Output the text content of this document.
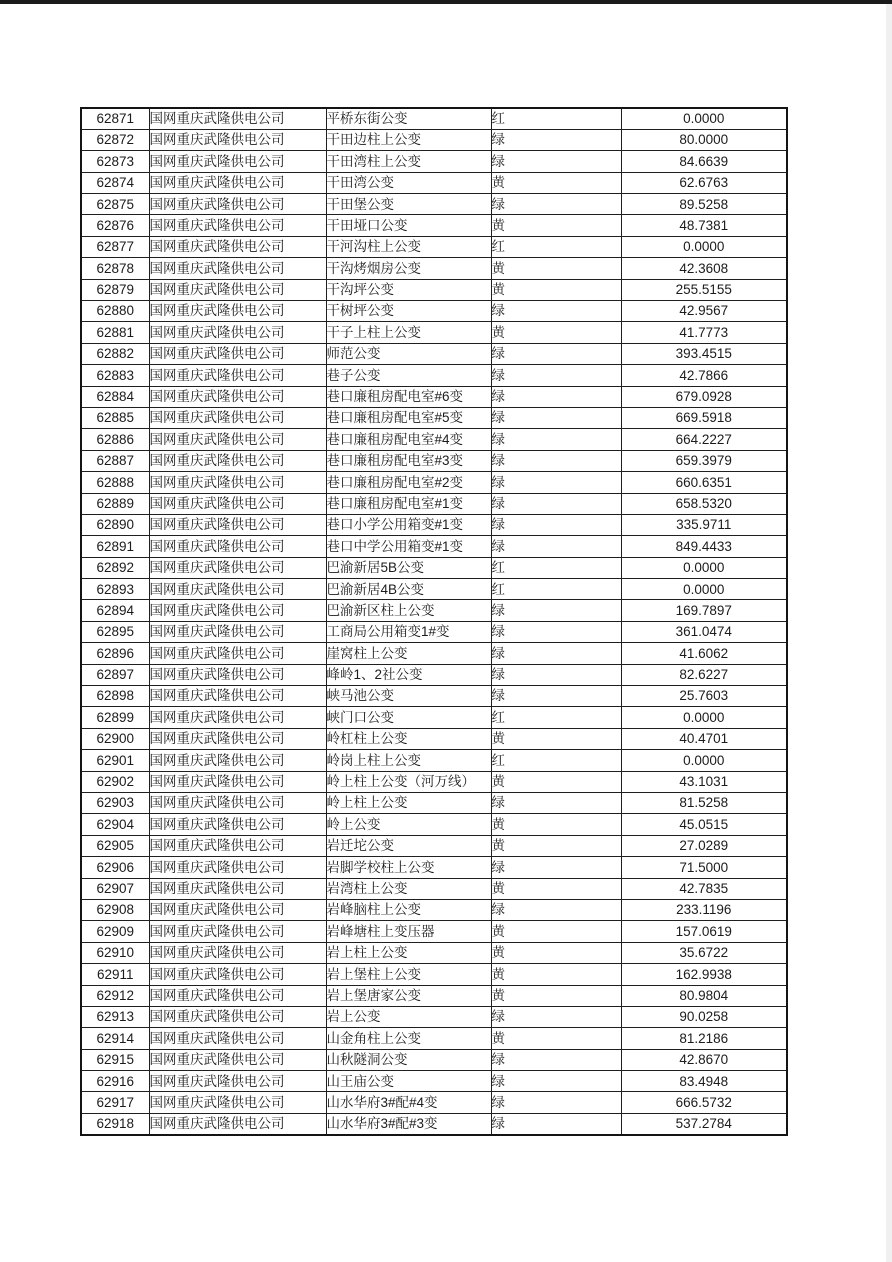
62871	国网重庆武隆供电公司	平桥东街公变	红	0.0000
62872	国网重庆武隆供电公司	干田边柱上公变	绿	80.0000
62873	国网重庆武隆供电公司	干田湾柱上公变	绿	84.6639
62874	国网重庆武隆供电公司	干田湾公变	黄	62.6763
62875	国网重庆武隆供电公司	干田堡公变	绿	89.5258
62876	国网重庆武隆供电公司	干田垭口公变	黄	48.7381
62877	国网重庆武隆供电公司	干河沟柱上公变	红	0.0000
62878	国网重庆武隆供电公司	干沟烤烟房公变	黄	42.3608
62879	国网重庆武隆供电公司	干沟坪公变	黄	255.5155
62880	国网重庆武隆供电公司	干树坪公变	绿	42.9567
62881	国网重庆武隆供电公司	干子上柱上公变	黄	41.7773
62882	国网重庆武隆供电公司	师范公变	绿	393.4515
62883	国网重庆武隆供电公司	巷子公变	绿	42.7866
62884	国网重庆武隆供电公司	巷口廉租房配电室#6变	绿	679.0928
62885	国网重庆武隆供电公司	巷口廉租房配电室#5变	绿	669.5918
62886	国网重庆武隆供电公司	巷口廉租房配电室#4变	绿	664.2227
62887	国网重庆武隆供电公司	巷口廉租房配电室#3变	绿	659.3979
62888	国网重庆武隆供电公司	巷口廉租房配电室#2变	绿	660.6351
62889	国网重庆武隆供电公司	巷口廉租房配电室#1变	绿	658.5320
62890	国网重庆武隆供电公司	巷口小学公用箱变#1变	绿	335.9711
62891	国网重庆武隆供电公司	巷口中学公用箱变#1变	绿	849.4433
62892	国网重庆武隆供电公司	巴渝新居5B公变	红	0.0000
62893	国网重庆武隆供电公司	巴渝新居4B公变	红	0.0000
62894	国网重庆武隆供电公司	巴渝新区柱上公变	绿	169.7897
62895	国网重庆武隆供电公司	工商局公用箱变1#变	绿	361.0474
62896	国网重庆武隆供电公司	崖窝柱上公变	绿	41.6062
62897	国网重庆武隆供电公司	峰岭1、2社公变	绿	82.6227
62898	国网重庆武隆供电公司	峡马池公变	绿	25.7603
62899	国网重庆武隆供电公司	峡门口公变	红	0.0000
62900	国网重庆武隆供电公司	岭杠柱上公变	黄	40.4701
62901	国网重庆武隆供电公司	岭岗上柱上公变	红	0.0000
62902	国网重庆武隆供电公司	岭上柱上公变（河万线）	黄	43.1031
62903	国网重庆武隆供电公司	岭上柱上公变	绿	81.5258
62904	国网重庆武隆供电公司	岭上公变	黄	45.0515
62905	国网重庆武隆供电公司	岩迁坨公变	黄	27.0289
62906	国网重庆武隆供电公司	岩脚学校柱上公变	绿	71.5000
62907	国网重庆武隆供电公司	岩湾柱上公变	黄	42.7835
62908	国网重庆武隆供电公司	岩峰脑柱上公变	绿	233.1196
62909	国网重庆武隆供电公司	岩峰塘柱上变压器	黄	157.0619
62910	国网重庆武隆供电公司	岩上柱上公变	黄	35.6722
62911	国网重庆武隆供电公司	岩上堡柱上公变	黄	162.9938
62912	国网重庆武隆供电公司	岩上堡唐家公变	黄	80.9804
62913	国网重庆武隆供电公司	岩上公变	绿	90.0258
62914	国网重庆武隆供电公司	山金角柱上公变	黄	81.2186
62915	国网重庆武隆供电公司	山秋隧洞公变	绿	42.8670
62916	国网重庆武隆供电公司	山王庙公变	绿	83.4948
62917	国网重庆武隆供电公司	山水华府3#配#4变	绿	666.5732
62918	国网重庆武隆供电公司	山水华府3#配#3变	绿	537.2784
